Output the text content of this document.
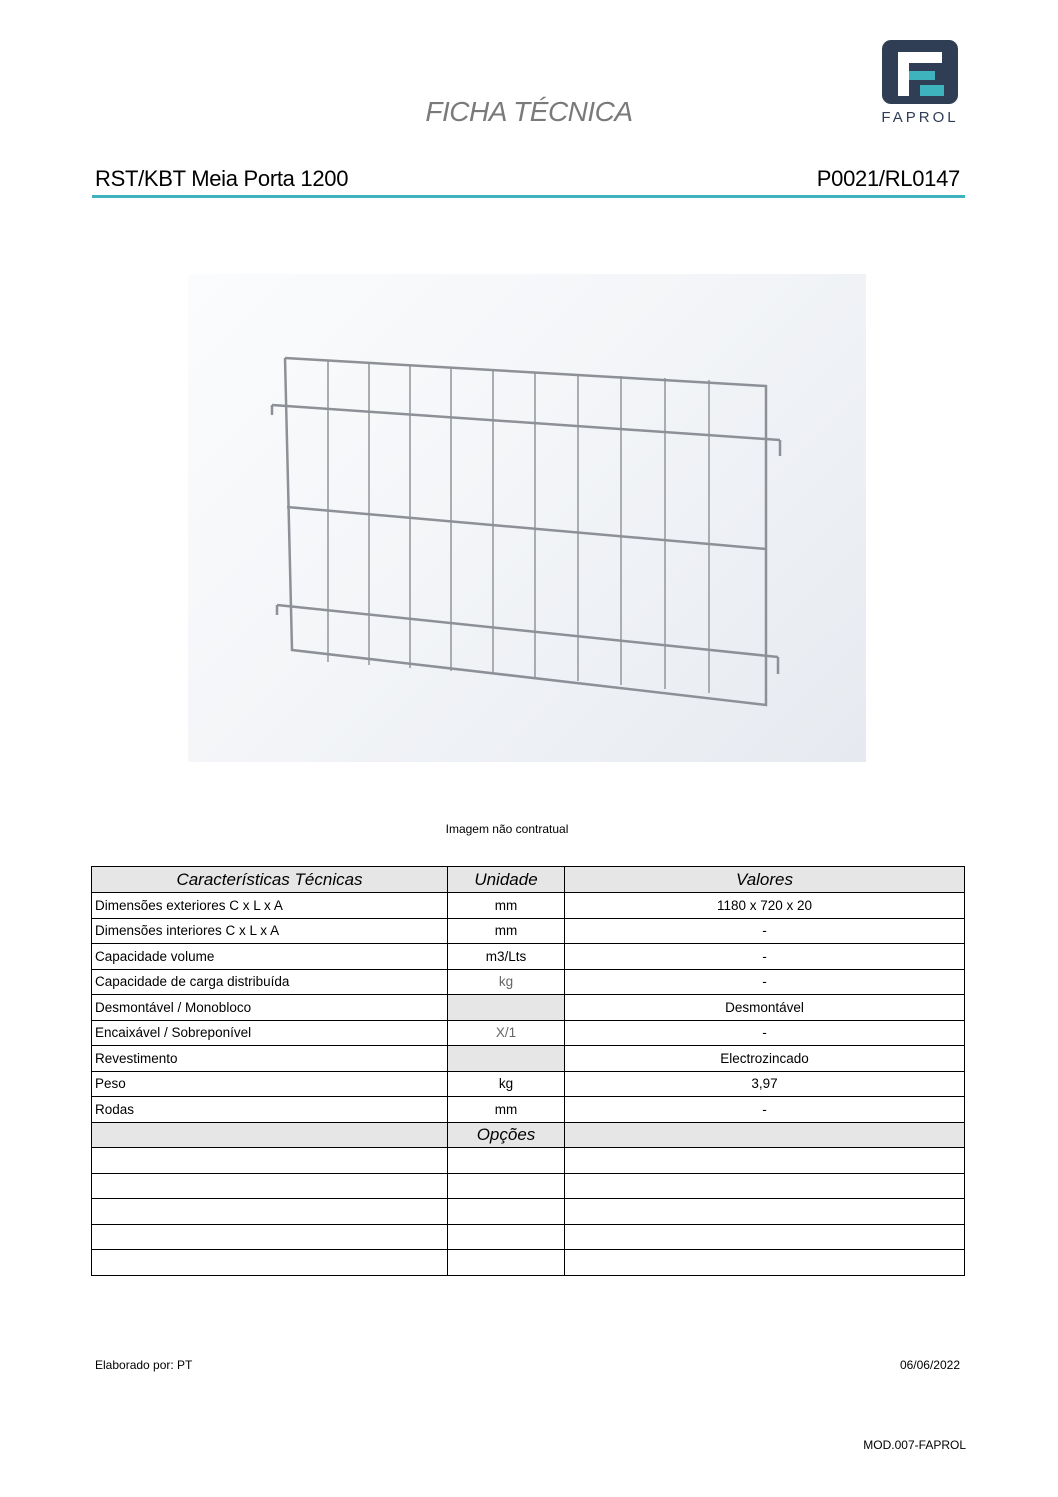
FICHA TÉCNICA	FAPROL
RST/KBT Meia Porta 1200	P0021/RL0147
Imagem não contratual
Características Técnicas	Unidade	Valores
Dimensões exteriores C x L x A	mm	1180 x 720 x 20
Dimensões interiores C x L x A	mm	-
Capacidade volume	m3/Lts	-
Capacidade de carga distribuída	kg	-
Desmontável / Monobloco		Desmontável
Encaixável / Sobreponível	X/1	-
Revestimento		Electrozincado
Peso	kg	3,97
Rodas	mm	-
	Opções	

Elaborado por: PT	06/06/2022
MOD.007-FAPROL
